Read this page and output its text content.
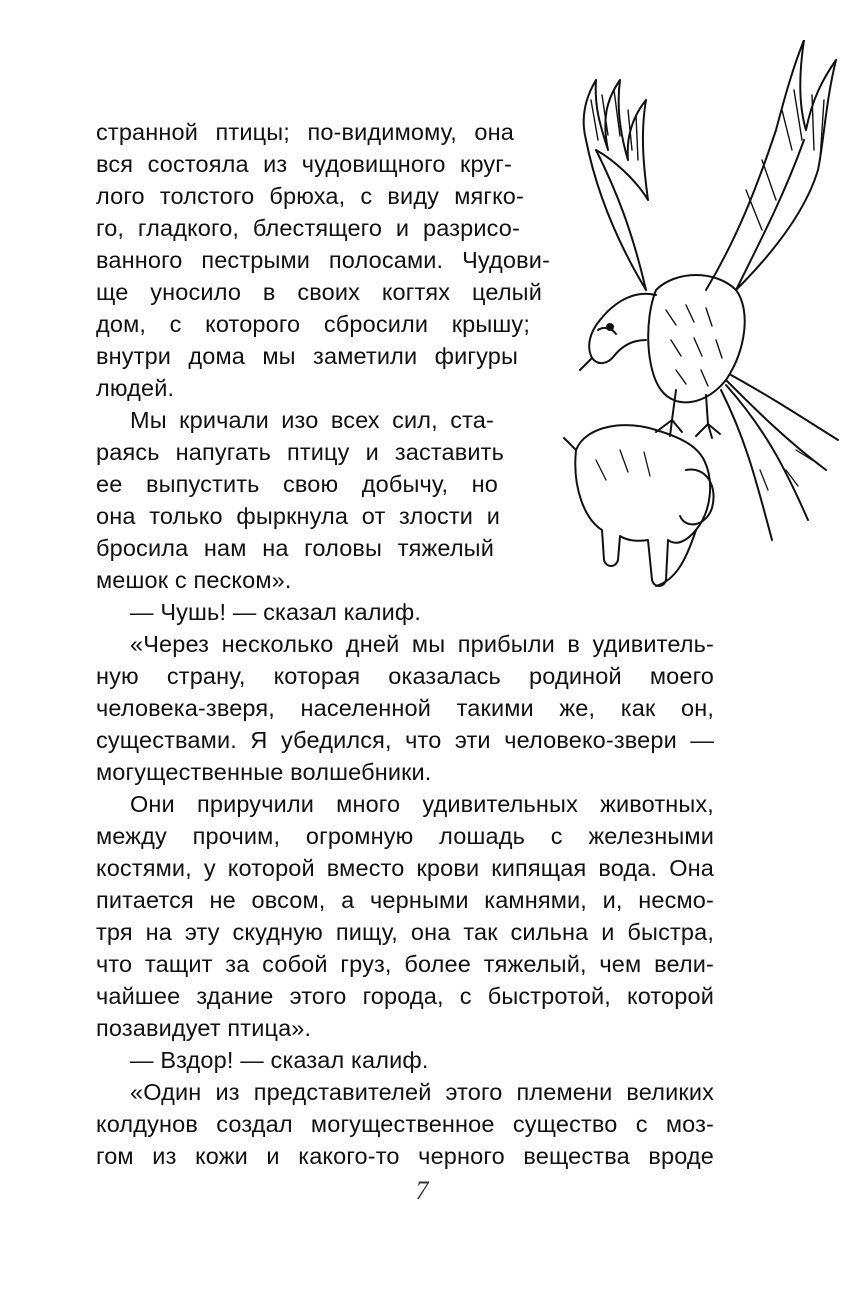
странной птицы; по-видимому, она
вся состояла из чудовищного круг-
лого толстого брюха, с виду мягко-
го, гладкого, блестящего и разрисо-
ванного пестрыми полосами. Чудови-
ще уносило в своих когтях целый
дом, с которого сбросили крышу;
внутри дома мы заметили фигуры
людей.
Мы кричали изо всех сил, ста-
раясь напугать птицу и заставить
ее выпустить свою добычу, но
она только фыркнула от злости и
бросила нам на головы тяжелый
мешок с песком».
— Чушь! — сказал калиф.
«Через несколько дней мы прибыли в удивитель-
ную страну, которая оказалась родиной моего
человека-зверя, населенной такими же, как он,
существами. Я убедился, что эти человеко-звери —
могущественные волшебники.
Они приручили много удивительных животных,
между прочим, огромную лошадь с железными
костями, у которой вместо крови кипящая вода. Она
питается не овсом, а черными камнями, и, несмо-
тря на эту скудную пищу, она так сильна и быстра,
что тащит за собой груз, более тяжелый, чем вели-
чайшее здание этого города, с быстротой, которой
позавидует птица».
— Вздор! — сказал калиф.
«Один из представителей этого племени великих
колдунов создал могущественное существо с моз-
гом из кожи и какого-то черного вещества вроде
7
